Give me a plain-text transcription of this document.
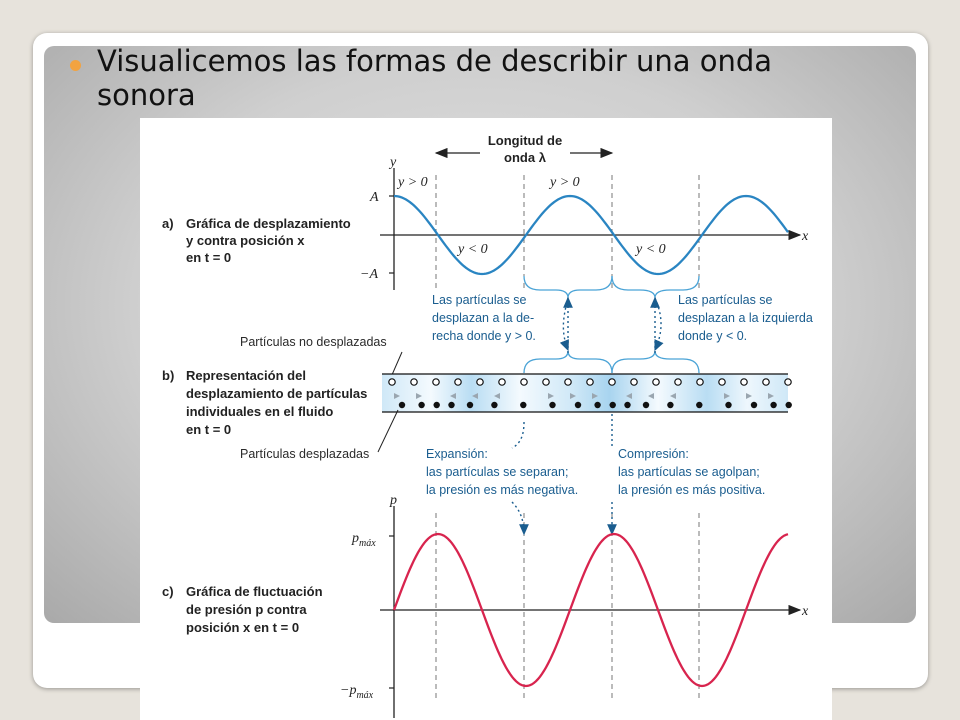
Visualicemos las formas de describir una onda sonora
Longitud de
onda λ
a) Gráfica de desplazamiento
y contra posición x
en t = 0
y
x
A
−A
y > 0	y > 0
y < 0	y < 0
Las partículas se
desplazan a la de-
recha donde y > 0.
Las partículas se
desplazan a la izquierda
donde y < 0.
Partículas no desplazadas
b) Representación del
desplazamiento de partículas
individuales en el fluido
en t = 0
Partículas desplazadas	Expansión:
las partículas se separan;
la presión es más negativa.
Compresión:
las partículas se agolpan;
la presión es más positiva.
c) Gráfica de fluctuación
de presión p contra
posición x en t = 0
p
x
$p_{máx}$
$-p_{máx}$
